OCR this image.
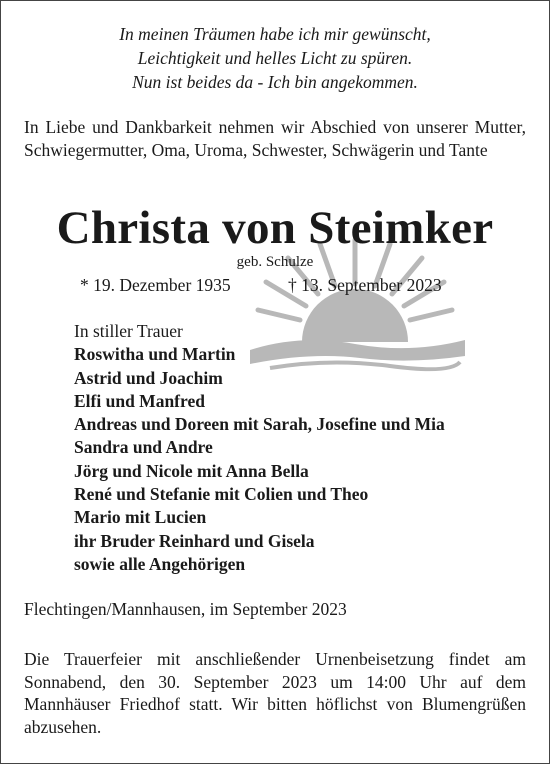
In meinen Träumen habe ich mir gewünscht,
Leichtigkeit und helles Licht zu spüren.
Nun ist beides da - Ich bin angekommen.
In Liebe und Dankbarkeit nehmen wir Abschied von unserer Mutter, Schwiegermutter, Oma, Uroma, Schwester, Schwägerin und Tante
Christa von Steimker
geb. Schulze
* 19. Dezember 1935	† 13. September 2023
In stiller Trauer
Roswitha und Martin
Astrid und Joachim
Elfi und Manfred
Andreas und Doreen mit Sarah, Josefine und Mia
Sandra und Andre
Jörg und Nicole mit Anna Bella
René und Stefanie mit Colien und Theo
Mario mit Lucien
ihr Bruder Reinhard und Gisela
sowie alle Angehörigen
Flechtingen/Mannhausen, im September 2023
Die Trauerfeier mit anschließender Urnenbeisetzung findet am Sonnabend, den 30. September 2023 um 14:00 Uhr auf dem Mannhäuser Friedhof statt. Wir bitten höflichst von Blumengrüßen abzusehen.
